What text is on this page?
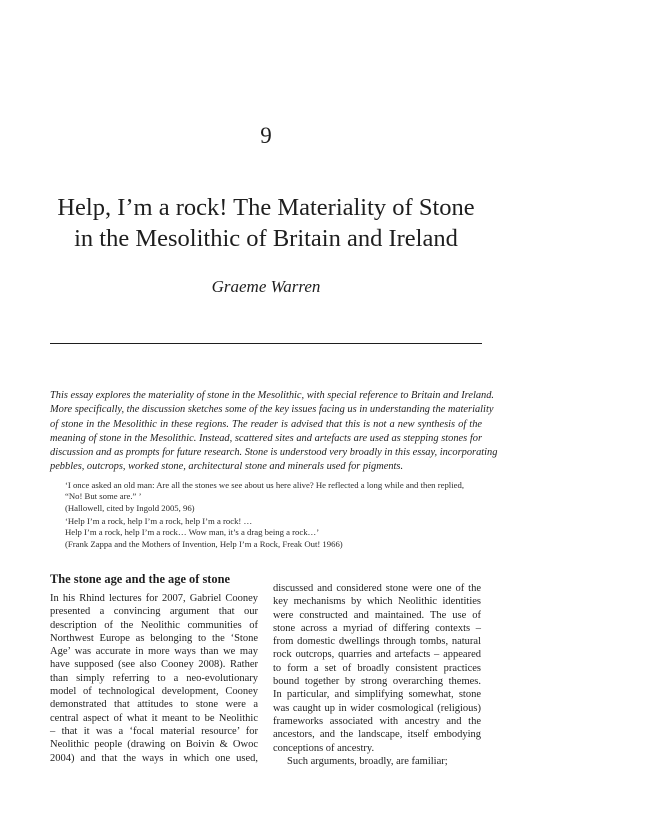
9
Help, I’m a rock! The Materiality of Stone
in the Mesolithic of Britain and Ireland
Graeme Warren

This essay explores the materiality of stone in the Mesolithic, with special reference to Britain and Ireland.
More specifically, the discussion sketches some of the key issues facing us in understanding the materiality
of stone in the Mesolithic in these regions. The reader is advised that this is not a new synthesis of the
meaning of stone in the Mesolithic. Instead, scattered sites and artefacts are used as stepping stones for
discussion and as prompts for future research. Stone is understood very broadly in this essay, incorporating
pebbles, outcrops, worked stone, architectural stone and minerals used for pigments.

‘I once asked an old man: Are all the stones we see about us here alive? He reflected a long while and then replied,
“No! But some are.” ’
(Hallowell, cited by Ingold 2005, 96)
‘Help I’m a rock, help I’m a rock, help I’m a rock! …
Help I’m a rock, help I’m a rock… Wow man, it’s a drag being a rock…’
(Frank Zappa and the Mothers of Invention, Help I’m a Rock, Freak Out! 1966)
The stone age and the age of stone
In his Rhind lectures for 2007, Gabriel Cooney
presented a convincing argument that our
description of the Neolithic communities of
Northwest Europe as belonging to the ‘Stone
Age’ was accurate in more ways than we may
have supposed (see also Cooney 2008). Rather
than simply referring to a neo-evolutionary
model of technological development, Cooney
demonstrated that attitudes to stone were a
central aspect of what it meant to be Neolithic
– that it was a ‘focal material resource’ for
Neolithic people (drawing on Boivin & Owoc
2004) and that the ways in which one used,
discussed and considered stone were one of the
key mechanisms by which Neolithic identities
were constructed and maintained. The use of
stone across a myriad of differing contexts –
from domestic dwellings through tombs, natural
rock outcrops, quarries and artefacts – appeared
to form a set of broadly consistent practices
bound together by strong overarching themes.
In particular, and simplifying somewhat, stone
was caught up in wider cosmological (religious)
frameworks associated with ancestry and the
ancestors, and the landscape, itself embodying
conceptions of ancestry.
Such arguments, broadly, are familiar;
